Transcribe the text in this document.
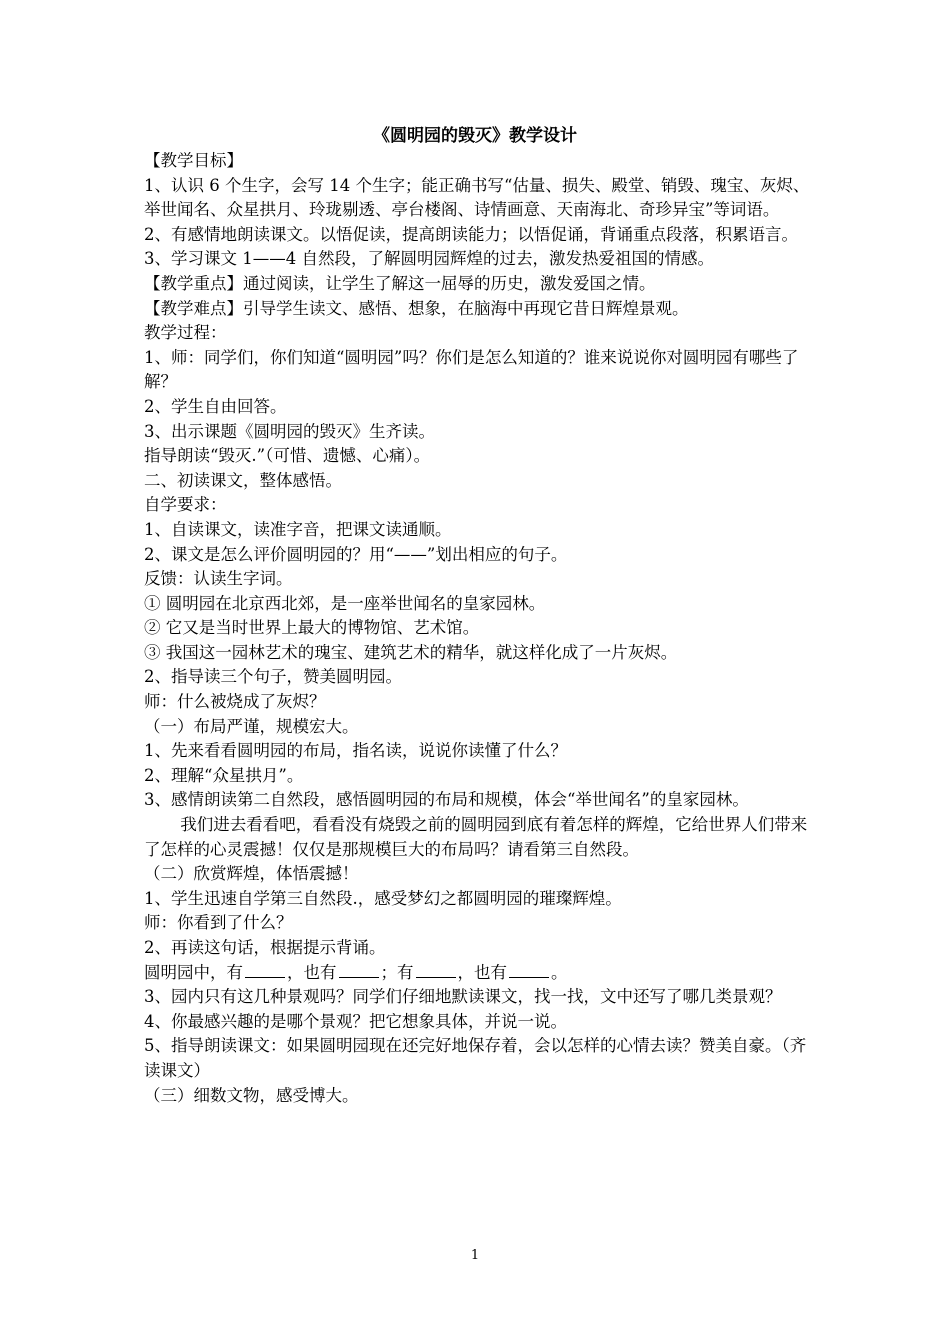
《圆明园的毁灭》教学设计

【教学目标】

1、认识 6 个生字，会写 14 个生字；能正确书写“估量、损失、殿堂、销毁、瑰宝、灰烬、举世闻名、众星拱月、玲珑剔透、亭台楼阁、诗情画意、天南海北、奇珍异宝”等词语。

2、有感情地朗读课文。以悟促读，提高朗读能力；以悟促诵，背诵重点段落，积累语言。

3、学习课文 1——4 自然段，了解圆明园辉煌的过去，激发热爱祖国的情感。

【教学重点】通过阅读，让学生了解这一屈辱的历史，激发爱国之情。

【教学难点】引导学生读文、感悟、想象，在脑海中再现它昔日辉煌景观。

教学过程：

1、师：同学们，你们知道“圆明园”吗？你们是怎么知道的？谁来说说你对圆明园有哪些了解？

2、学生自由回答。

3、出示课题《圆明园的毁灭》生齐读。

指导朗读“毁灭.”（可惜、遗憾、心痛）。

二、初读课文，整体感悟。

自学要求：

1、自读课文，读准字音，把课文读通顺。

2、课文是怎么评价圆明园的？用“——”划出相应的句子。

反馈：认读生字词。

① 圆明园在北京西北郊，是一座举世闻名的皇家园林。

② 它又是当时世界上最大的博物馆、艺术馆。

③ 我国这一园林艺术的瑰宝、建筑艺术的精华，就这样化成了一片灰烬。

2、指导读三个句子，赞美圆明园。

师：什么被烧成了灰烬？

（一）布局严谨，规模宏大。

1、先来看看圆明园的布局，指名读，说说你读懂了什么？

2、理解“众星拱月”。

3、感情朗读第二自然段，感悟圆明园的布局和规模，体会“举世闻名”的皇家园林。

我们进去看看吧，看看没有烧毁之前的圆明园到底有着怎样的辉煌，它给世界人们带来了怎样的心灵震撼！仅仅是那规模巨大的布局吗？请看第三自然段。

（二）欣赏辉煌，体悟震撼！

1、学生迅速自学第三自然段.，感受梦幻之都圆明园的璀璨辉煌。

师：你看到了什么？

2、再读这句话，根据提示背诵。

圆明园中，有	，也有	；有	，也有	。

3、园内只有这几种景观吗？同学们仔细地默读课文，找一找，文中还写了哪几类景观？

4、你最感兴趣的是哪个景观？把它想象具体，并说一说。

5、指导朗读课文：如果圆明园现在还完好地保存着，会以怎样的心情去读？赞美自豪。（齐读课文）

（三）细数文物，感受博大。

1
